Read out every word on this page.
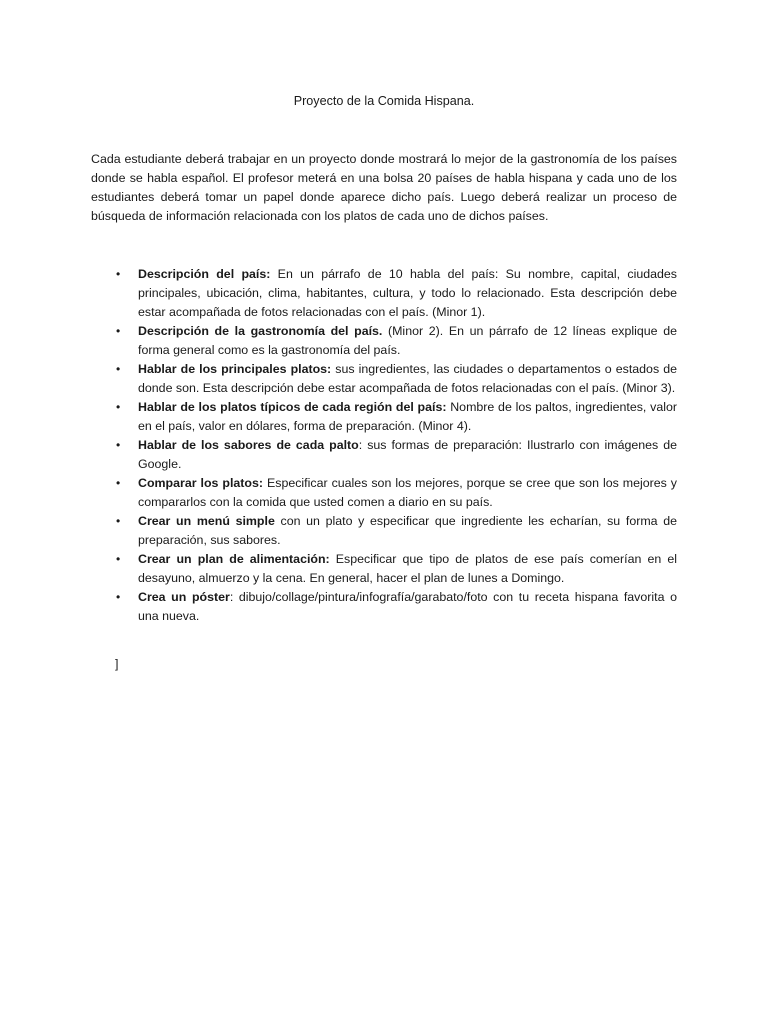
Proyecto de la Comida Hispana.

Cada estudiante deberá trabajar en un proyecto donde mostrará lo mejor de la gastronomía de los países donde se habla español. El profesor meterá en una bolsa 20 países de habla hispana y cada uno de los estudiantes deberá tomar un papel donde aparece dicho país. Luego deberá realizar un proceso de búsqueda de información relacionada con los platos de cada uno de dichos países.

• Descripción del país: En un párrafo de 10 habla del país: Su nombre, capital, ciudades principales, ubicación, clima, habitantes, cultura, y todo lo relacionado. Esta descripción debe estar acompañada de fotos relacionadas con el país. (Minor 1).
• Descripción de la gastronomía del país. (Minor 2). En un párrafo de 12 líneas explique de forma general como es la gastronomía del país.
• Hablar de los principales platos: sus ingredientes, las ciudades o departamentos o estados de donde son. Esta descripción debe estar acompañada de fotos relacionadas con el país. (Minor 3).
• Hablar de los platos típicos de cada región del país: Nombre de los paltos, ingredientes, valor en el país, valor en dólares, forma de preparación. (Minor 4).
• Hablar de los sabores de cada palto: sus formas de preparación: Ilustrarlo con imágenes de Google.
• Comparar los platos: Especificar cuales son los mejores, porque se cree que son los mejores y compararlos con la comida que usted comen a diario en su país.
• Crear un menú simple con un plato y especificar que ingrediente les echarían, su forma de preparación, sus sabores.
• Crear un plan de alimentación: Especificar que tipo de platos de ese país comerían en el desayuno, almuerzo y la cena. En general, hacer el plan de lunes a Domingo.
• Crea un póster: dibujo/collage/pintura/infografía/garabato/foto con tu receta hispana favorita o una nueva.
]
